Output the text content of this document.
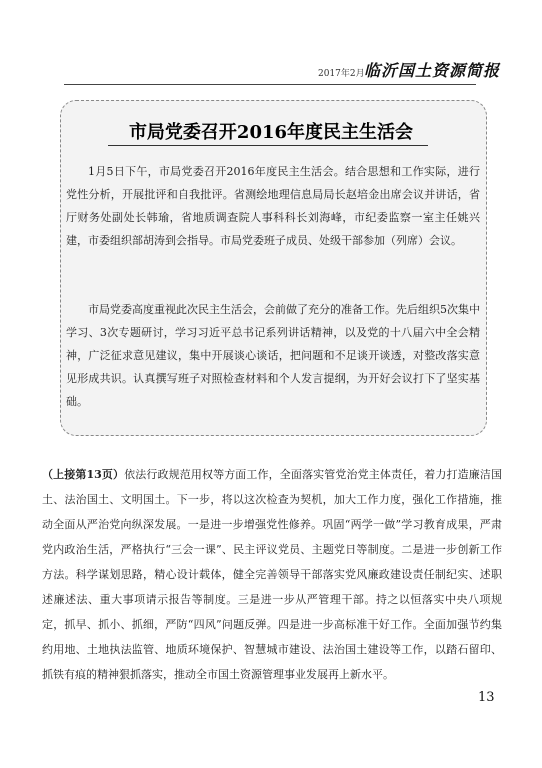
2017年2月 临沂国土资源简报
市局党委召开2016年度民主生活会

1月5日下午，市局党委召开2016年度民主生活会。结合思想和工作实际，进行党性分析，开展批评和自我批评。省测绘地理信息局局长赵培金出席会议并讲话，省厅财务处副处长韩瑜，省地质调查院人事科科长刘海峰，市纪委监察一室主任姚兴建，市委组织部胡涛到会指导。市局党委班子成员、处级干部参加（列席）会议。

市局党委高度重视此次民主生活会，会前做了充分的准备工作。先后组织5次集中学习、3次专题研讨，学习习近平总书记系列讲话精神，以及党的十八届六中全会精神，广泛征求意见建议，集中开展谈心谈话，把问题和不足谈开谈透，对整改落实意见形成共识。认真撰写班子对照检查材料和个人发言提纲，为开好会议打下了坚实基础。

（上接第13页）依法行政规范用权等方面工作，全面落实管党治党主体责任，着力打造廉洁国土、法治国土、文明国土。下一步，将以这次检查为契机，加大工作力度，强化工作措施，推动全面从严治党向纵深发展。一是进一步增强党性修养。巩固“两学一做”学习教育成果，严肃党内政治生活，严格执行“三会一课”、民主评议党员、主题党日等制度。二是进一步创新工作方法。科学谋划思路，精心设计载体，健全完善领导干部落实党风廉政建设责任制纪实、述职述廉述法、重大事项请示报告等制度。三是进一步从严管理干部。持之以恒落实中央八项规定，抓早、抓小、抓细，严防“四风”问题反弹。四是进一步高标准干好工作。全面加强节约集约用地、土地执法监管、地质环境保护、智慧城市建设、法治国土建设等工作，以踏石留印、抓铁有痕的精神狠抓落实，推动全市国土资源管理事业发展再上新水平。

13
